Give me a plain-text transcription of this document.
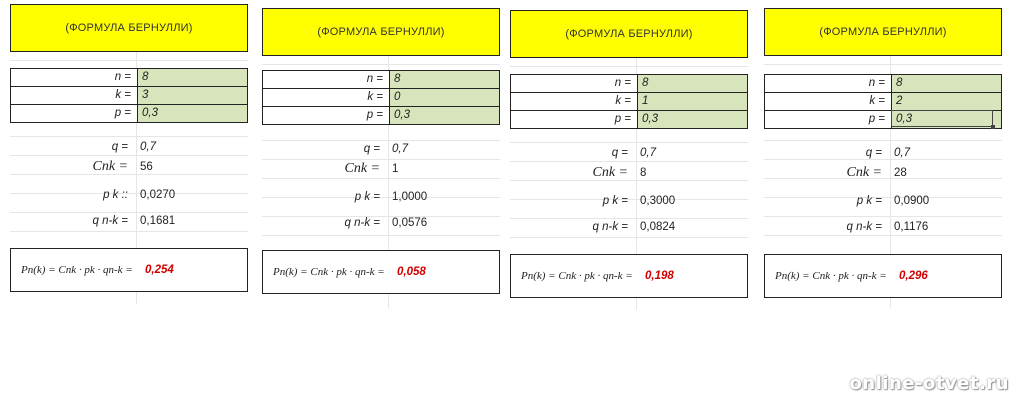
(ФОРМУЛА БЕРНУЛЛИ)
n = 8
k = 3
p = 0,3
q =	0,7
Cnk =	56
p k ::	0,0270
q n-k =	0,1681
Pn(k) = Cnk · pk · qn-k =	0,254
(ФОРМУЛА БЕРНУЛЛИ)
n = 8
k = 0
p = 0,3
q =	0,7
Cnk =	1
p k =	1,0000
q n-k =	0,0576
Pn(k) = Cnk · pk · qn-k =	0,058
(ФОРМУЛА БЕРНУЛЛИ)
n = 8
k = 1
p = 0,3
q =	0,7
Cnk =	8
p k =	0,3000
q n-k =	0,0824
Pn(k) = Cnk · pk · qn-k =	0,198
(ФОРМУЛА БЕРНУЛЛИ)
n = 8
k = 2
p = 0,3
q =	0,7
Cnk =	28
p k =	0,0900
q n-k =	0,1176
Pn(k) = Cnk · pk · qn-k =	0,296
online-otvet.ru
